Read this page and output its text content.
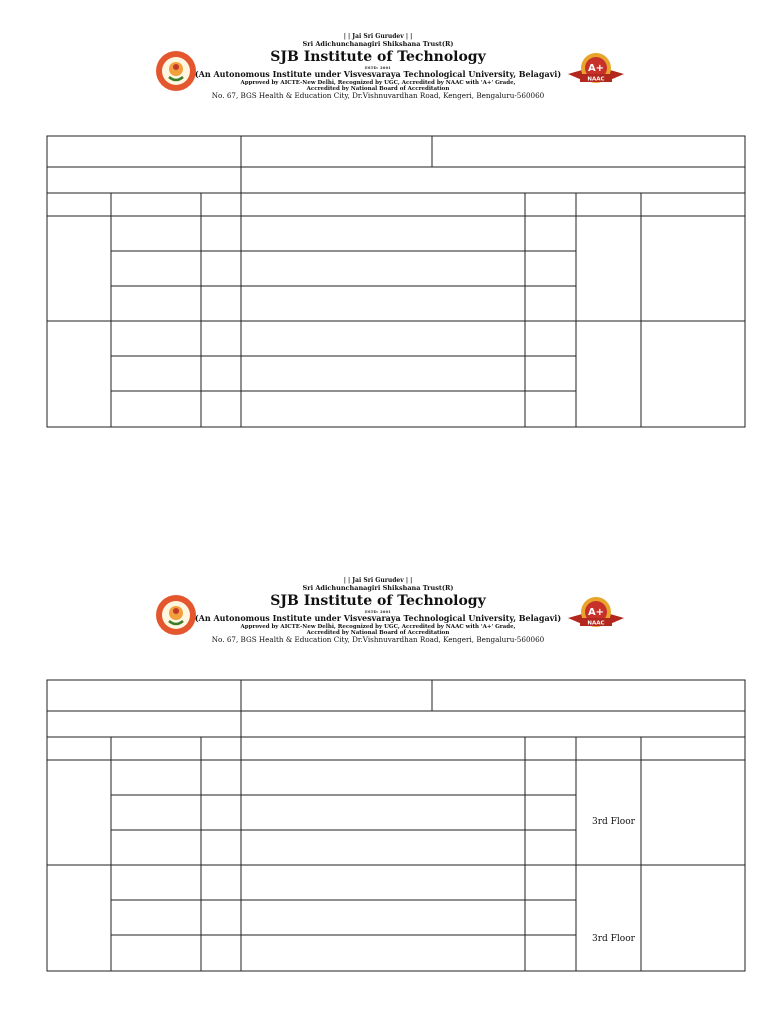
| | Jai Sri Gurudev | |
Sri Adichunchanagiri Shikshana Trust(R)
SJB Institute of Technology
ESTD: 2001
(An Autonomous Institute under Visvesvaraya Technological University, Belagavi)
Approved by AICTE-New Delhi, Recognized by UGC, Accredited by NAAC with 'A+' Grade,
Accredited by National Board of Accreditation
No. 67, BGS Health & Education City, Dr.Vishnuvardhan Road, Kengeri, Bengaluru-560060
A+
NAAC
| | Jai Sri Gurudev | |
Sri Adichunchanagiri Shikshana Trust(R)
SJB Institute of Technology
ESTD: 2001
(An Autonomous Institute under Visvesvaraya Technological University, Belagavi)
Approved by AICTE-New Delhi, Recognized by UGC, Accredited by NAAC with 'A+' Grade,
Accredited by National Board of Accreditation
No. 67, BGS Health & Education City, Dr.Vishnuvardhan Road, Kengeri, Bengaluru-560060
A+
NAAC
3rd Floor
3rd Floor
